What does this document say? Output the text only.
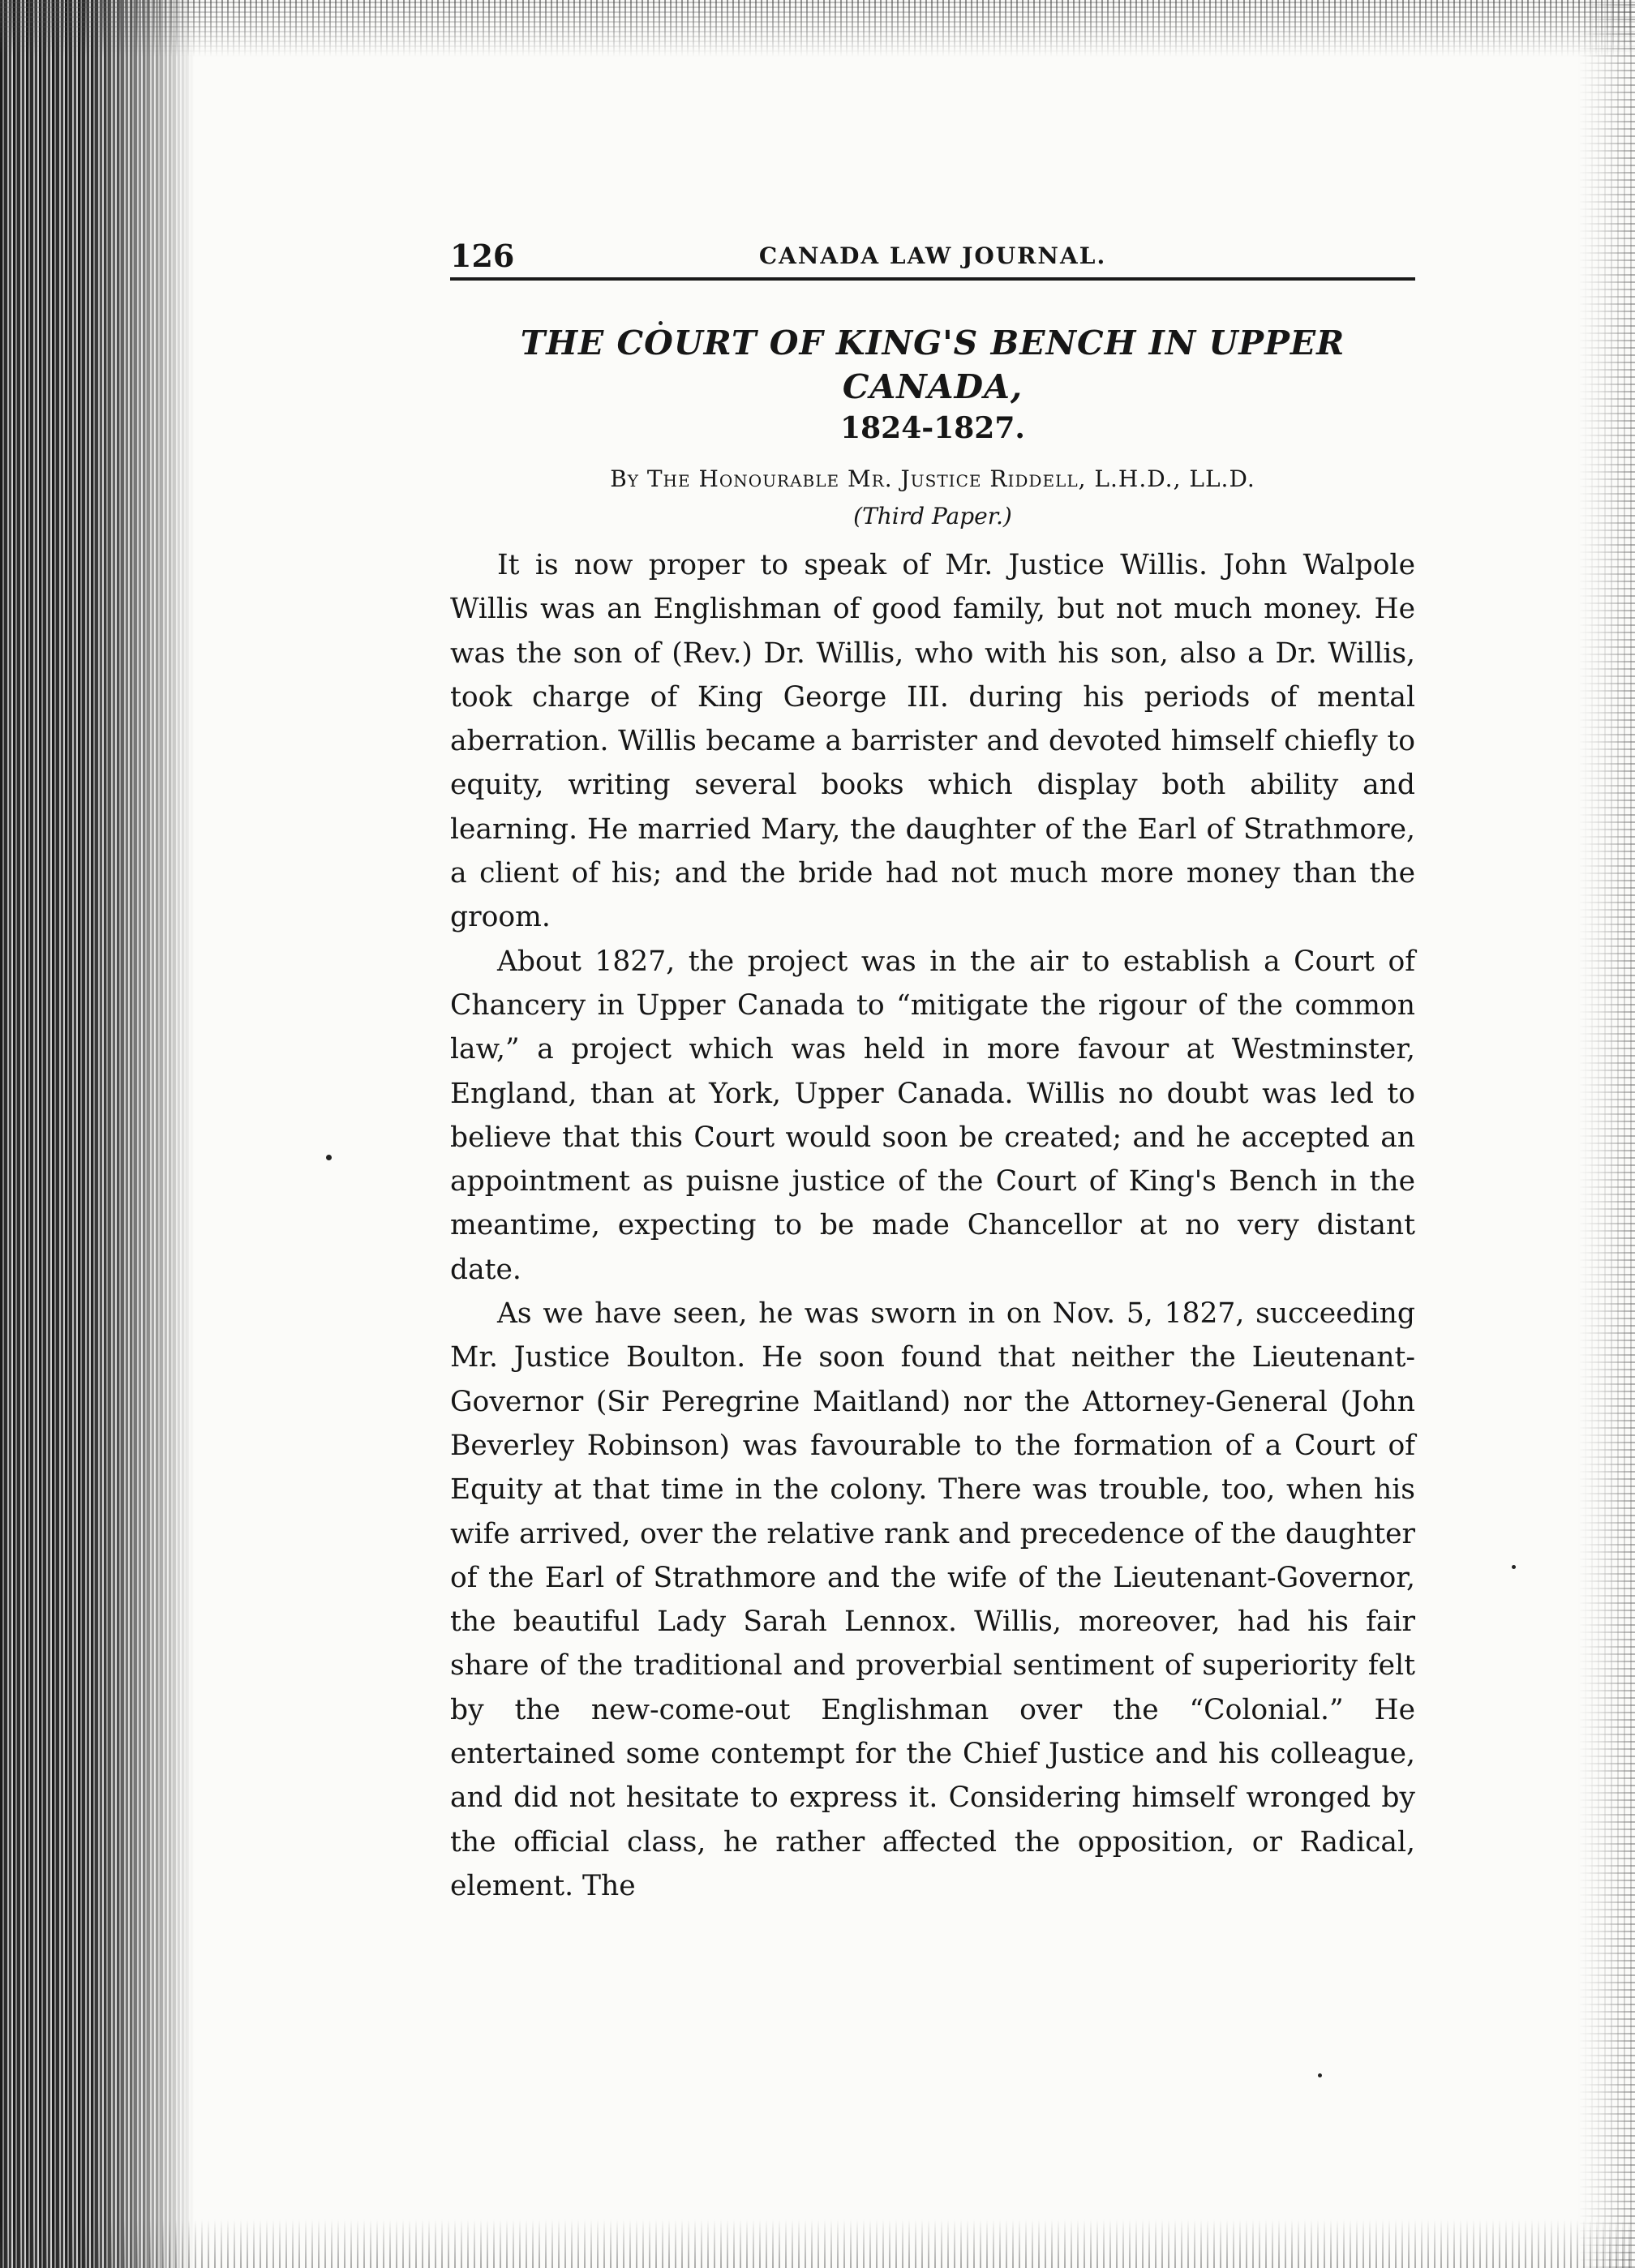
126	CANADA LAW JOURNAL.
THE COURT OF KING'S BENCH IN UPPER CANADA,

1824-1827.

By The Honourable Mr. Justice Riddell, L.H.D., LL.D.

(Third Paper.)

It is now proper to speak of Mr. Justice Willis. John Walpole Willis was an Englishman of good family, but not much money. He was the son of (Rev.) Dr. Willis, who with his son, also a Dr. Willis, took charge of King George III. during his periods of mental aberration. Willis became a barrister and devoted himself chiefly to equity, writing several books which display both ability and learning. He married Mary, the daughter of the Earl of Strathmore, a client of his; and the bride had not much more money than the groom.

About 1827, the project was in the air to establish a Court of Chancery in Upper Canada to “mitigate the rigour of the common law,” a project which was held in more favour at Westminster, England, than at York, Upper Canada. Willis no doubt was led to believe that this Court would soon be created; and he accepted an appointment as puisne justice of the Court of King's Bench in the meantime, expecting to be made Chancellor at no very distant date.

As we have seen, he was sworn in on Nov. 5, 1827, succeeding Mr. Justice Boulton. He soon found that neither the Lieutenant-Governor (Sir Peregrine Maitland) nor the Attorney-General (John Beverley Robinson) was favourable to the formation of a Court of Equity at that time in the colony. There was trouble, too, when his wife arrived, over the relative rank and precedence of the daughter of the Earl of Strathmore and the wife of the Lieutenant-Governor, the beautiful Lady Sarah Lennox. Willis, moreover, had his fair share of the traditional and proverbial sentiment of superiority felt by the new-come-out Englishman over the “Colonial.” He entertained some contempt for the Chief Justice and his colleague, and did not hesitate to express it. Considering himself wronged by the official class, he rather affected the opposition, or Radical, element. The
